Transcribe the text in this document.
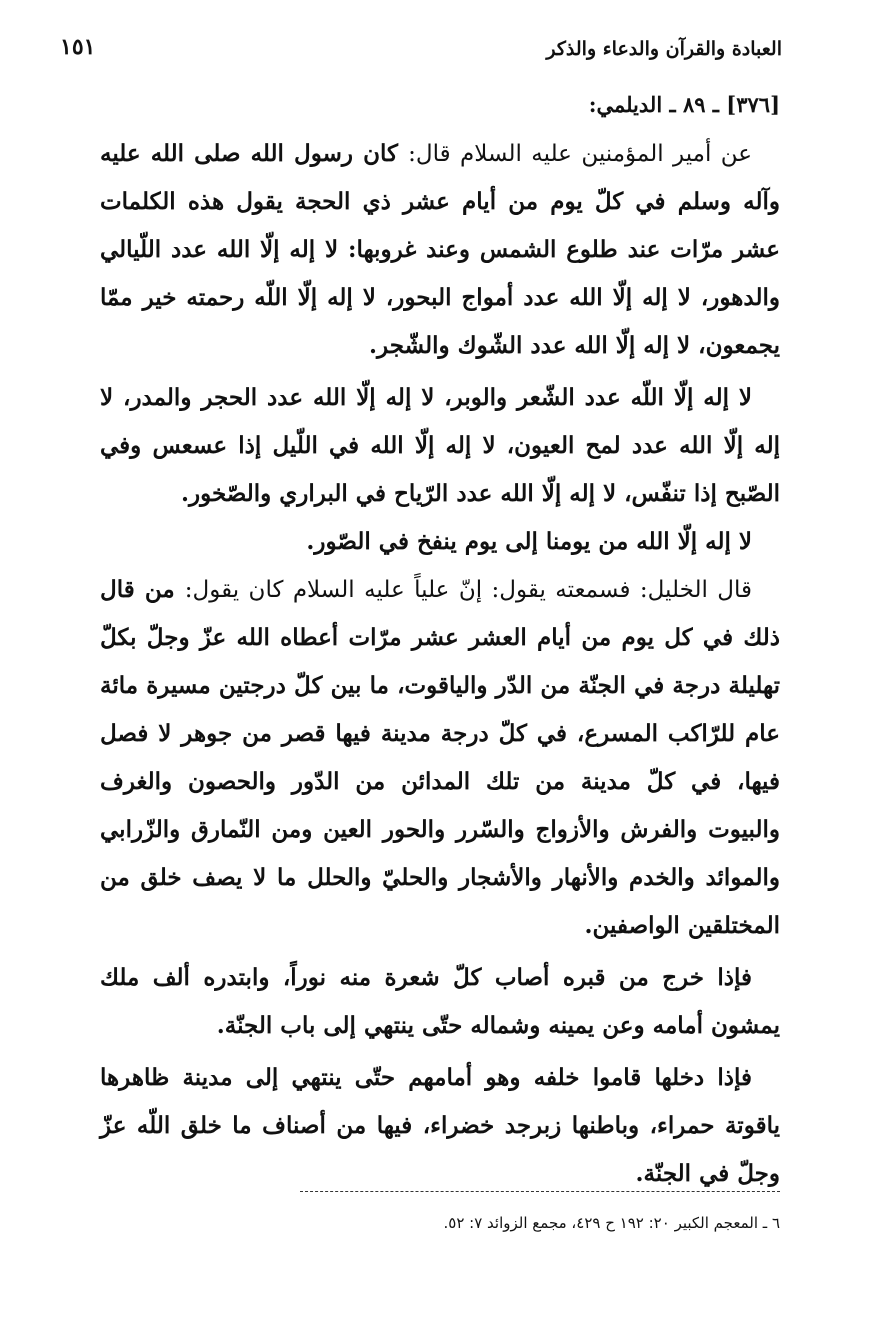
العبادة والقرآن والدعاء والذكر
١٥١

[٣٧٦] ـ ٨٩ ـ الديلمي:

عن أمير المؤمنين عليه السلام قال: كان رسول الله صلى الله عليه وآله وسلم في كلّ يوم من أيام عشر ذي الحجة يقول هذه الكلمات عشر مرّات عند طلوع الشمس وعند غروبها: لا إله إلّا الله عدد اللّيالي والدهور، لا إله إلّا الله عدد أمواج البحور، لا إله إلّا اللّه رحمته خير ممّا يجمعون، لا إله إلّا الله عدد الشّوك والشّجر.

لا إله إلّا اللّه عدد الشّعر والوبر، لا إله إلّا الله عدد الحجر والمدر، لا إله إلّا الله عدد لمح العيون، لا إله إلّا الله في اللّيل إذا عسعس وفي الصّبح إذا تنفّس، لا إله إلّا الله عدد الرّياح في البراري والصّخور.

لا إله إلّا الله من يومنا إلى يوم ينفخ في الصّور.

قال الخليل: فسمعته يقول: إنّ علياً عليه السلام كان يقول: من قال ذلك في كل يوم من أيام العشر عشر مرّات أعطاه الله عزّ وجلّ بكلّ تهليلة درجة في الجنّة من الدّر والياقوت، ما بين كلّ درجتين مسيرة مائة عام للرّاكب المسرع، في كلّ درجة مدينة فيها قصر من جوهر لا فصل فيها، في كلّ مدينة من تلك المدائن من الدّور والحصون والغرف والبيوت والفرش والأزواج والسّرر والحور العين ومن النّمارق والزّرابي والموائد والخدم والأنهار والأشجار والحليّ والحلل ما لا يصف خلق من المختلقين الواصفين.

فإذا خرج من قبره أصاب كلّ شعرة منه نوراً، وابتدره ألف ملك يمشون أمامه وعن يمينه وشماله حتّى ينتهي إلى باب الجنّة.

فإذا دخلها قاموا خلفه وهو أمامهم حتّى ينتهي إلى مدينة ظاهرها ياقوتة حمراء، وباطنها زبرجد خضراء، فيها من أصناف ما خلق اللّه عزّ وجلّ في الجنّة.

٦ ـ المعجم الكبير ٢٠: ١٩٢ ح ٤٢٩، مجمع الزوائد ٧: ٥٢.
